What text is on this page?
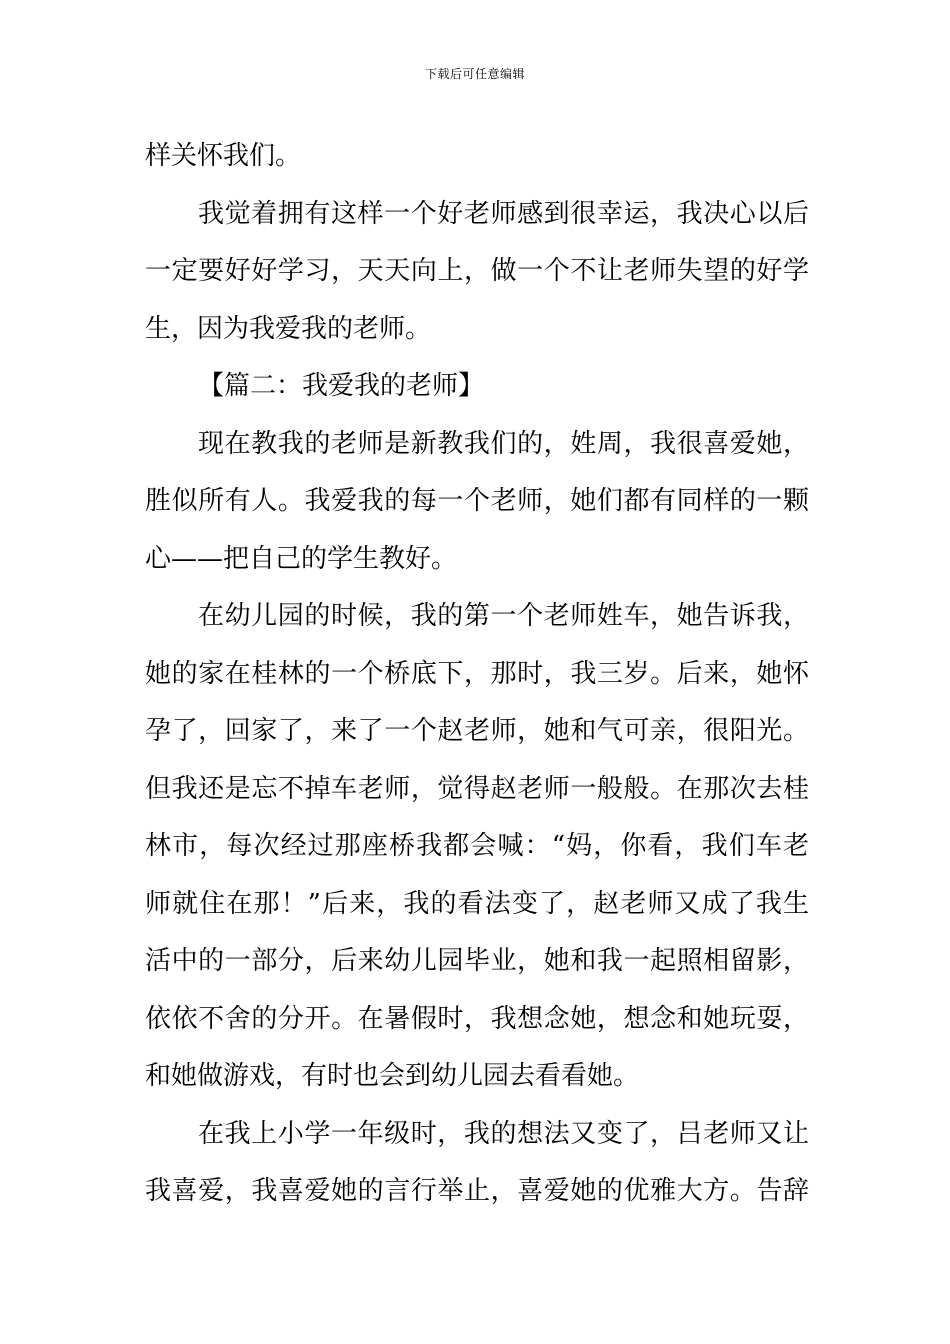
下载后可任意编辑
样关怀我们。
我觉着拥有这样一个好老师感到很幸运，我决心以后
一定要好好学习，天天向上，做一个不让老师失望的好学
生，因为我爱我的老师。
【篇二：我爱我的老师】
现在教我的老师是新教我们的，姓周，我很喜爱她，
胜似所有人。我爱我的每一个老师，她们都有同样的一颗
心——把自己的学生教好。
在幼儿园的时候，我的第一个老师姓车，她告诉我，
她的家在桂林的一个桥底下，那时，我三岁。后来，她怀
孕了，回家了，来了一个赵老师，她和气可亲，很阳光。
但我还是忘不掉车老师，觉得赵老师一般般。在那次去桂
林市，每次经过那座桥我都会喊：“妈，你看，我们车老
师就住在那！”后来，我的看法变了，赵老师又成了我生
活中的一部分，后来幼儿园毕业，她和我一起照相留影，
依依不舍的分开。在暑假时，我想念她，想念和她玩耍，
和她做游戏，有时也会到幼儿园去看看她。
在我上小学一年级时，我的想法又变了，吕老师又让
我喜爱，我喜爱她的言行举止，喜爱她的优雅大方。告辞
